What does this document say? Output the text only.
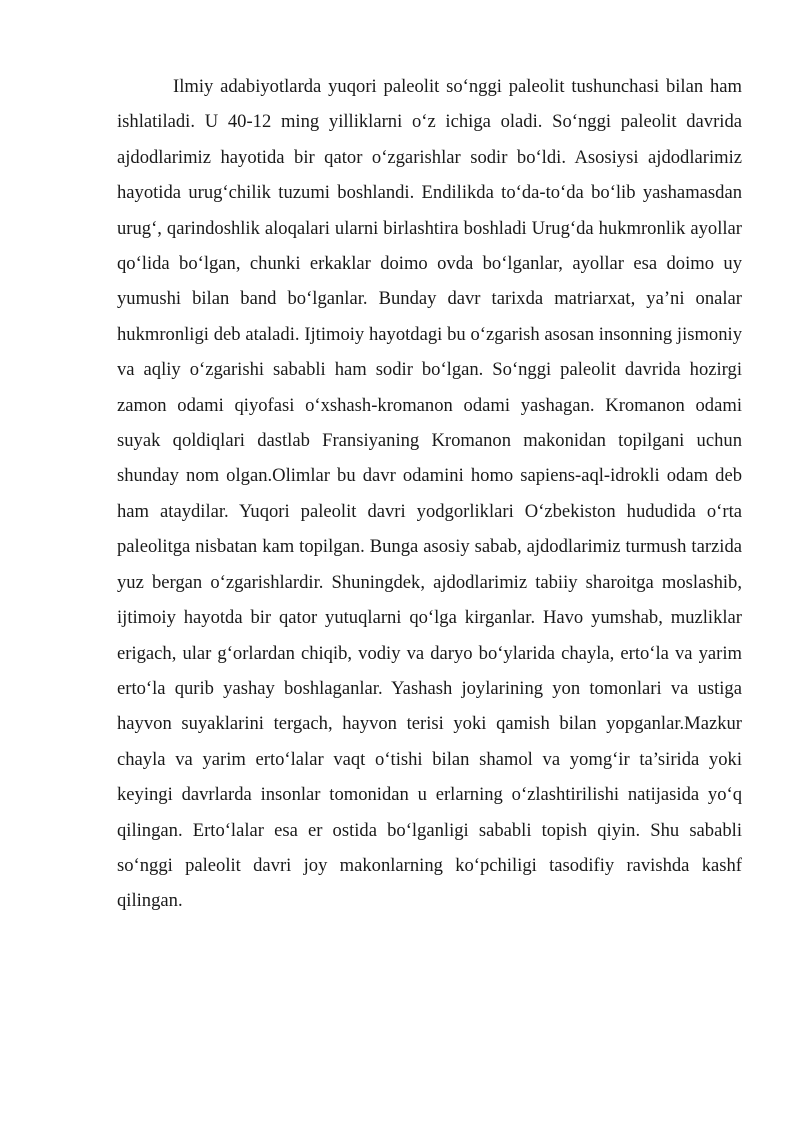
Ilmiy adabiyotlarda yuqori paleolit so‘nggi paleolit tushunchasi bilan ham ishlatiladi. U 40-12 ming yilliklarni o‘z ichiga oladi. So‘nggi paleolit davrida ajdodlarimiz hayotida bir qator o‘zgarishlar sodir bo‘ldi. Asosiysi ajdodlarimiz hayotida urug‘chilik tuzumi boshlandi. Endilikda to‘da-to‘da bo‘lib yashamasdan urug‘, qarindoshlik aloqalari ularni birlashtira boshladi Urug‘da hukmronlik ayollar qo‘lida bo‘lgan, chunki erkaklar doimo ovda bo‘lganlar, ayollar esa doimo uy yumushi bilan band bo‘lganlar. Bunday davr tarixda matriarxat, ya’ni onalar hukmronligi deb ataladi. Ijtimoiy hayotdagi bu o‘zgarish asosan insonning jismoniy va aqliy o‘zgarishi sababli ham sodir bo‘lgan. So‘nggi paleolit davrida hozirgi zamon odami qiyofasi o‘xshash-kromanon odami yashagan. Kromanon odami suyak qoldiqlari dastlab Fransiyaning Kromanon makonidan topilgani uchun shunday nom olgan.Olimlar bu davr odamini homo sapiens-aql-idrokli odam deb ham ataydilar. Yuqori paleolit davri yodgorliklari O‘zbekiston hududida o‘rta paleolitga nisbatan kam topilgan. Bunga asosiy sabab, ajdodlarimiz turmush tarzida yuz bergan o‘zgarishlardir. Shuningdek, ajdodlarimiz tabiiy sharoitga moslashib, ijtimoiy hayotda bir qator yutuqlarni qo‘lga kirganlar. Havo yumshab, muzliklar erigach, ular g‘orlardan chiqib, vodiy va daryo bo‘ylarida chayla, erto‘la va yarim erto‘la qurib yashay boshlaganlar. Yashash joylarining yon tomonlari va ustiga hayvon suyaklarini tergach, hayvon terisi yoki qamish bilan yopganlar.Mazkur chayla va yarim erto‘lalar vaqt o‘tishi bilan shamol va yomg‘ir ta’sirida yoki keyingi davrlarda insonlar tomonidan u erlarning o‘zlashtirilishi natijasida yo‘q qilingan. Erto‘lalar esa er ostida bo‘lganligi sababli topish qiyin. Shu sababli so‘nggi paleolit davri joy makonlarning ko‘pchiligi tasodifiy ravishda kashf qilingan.
